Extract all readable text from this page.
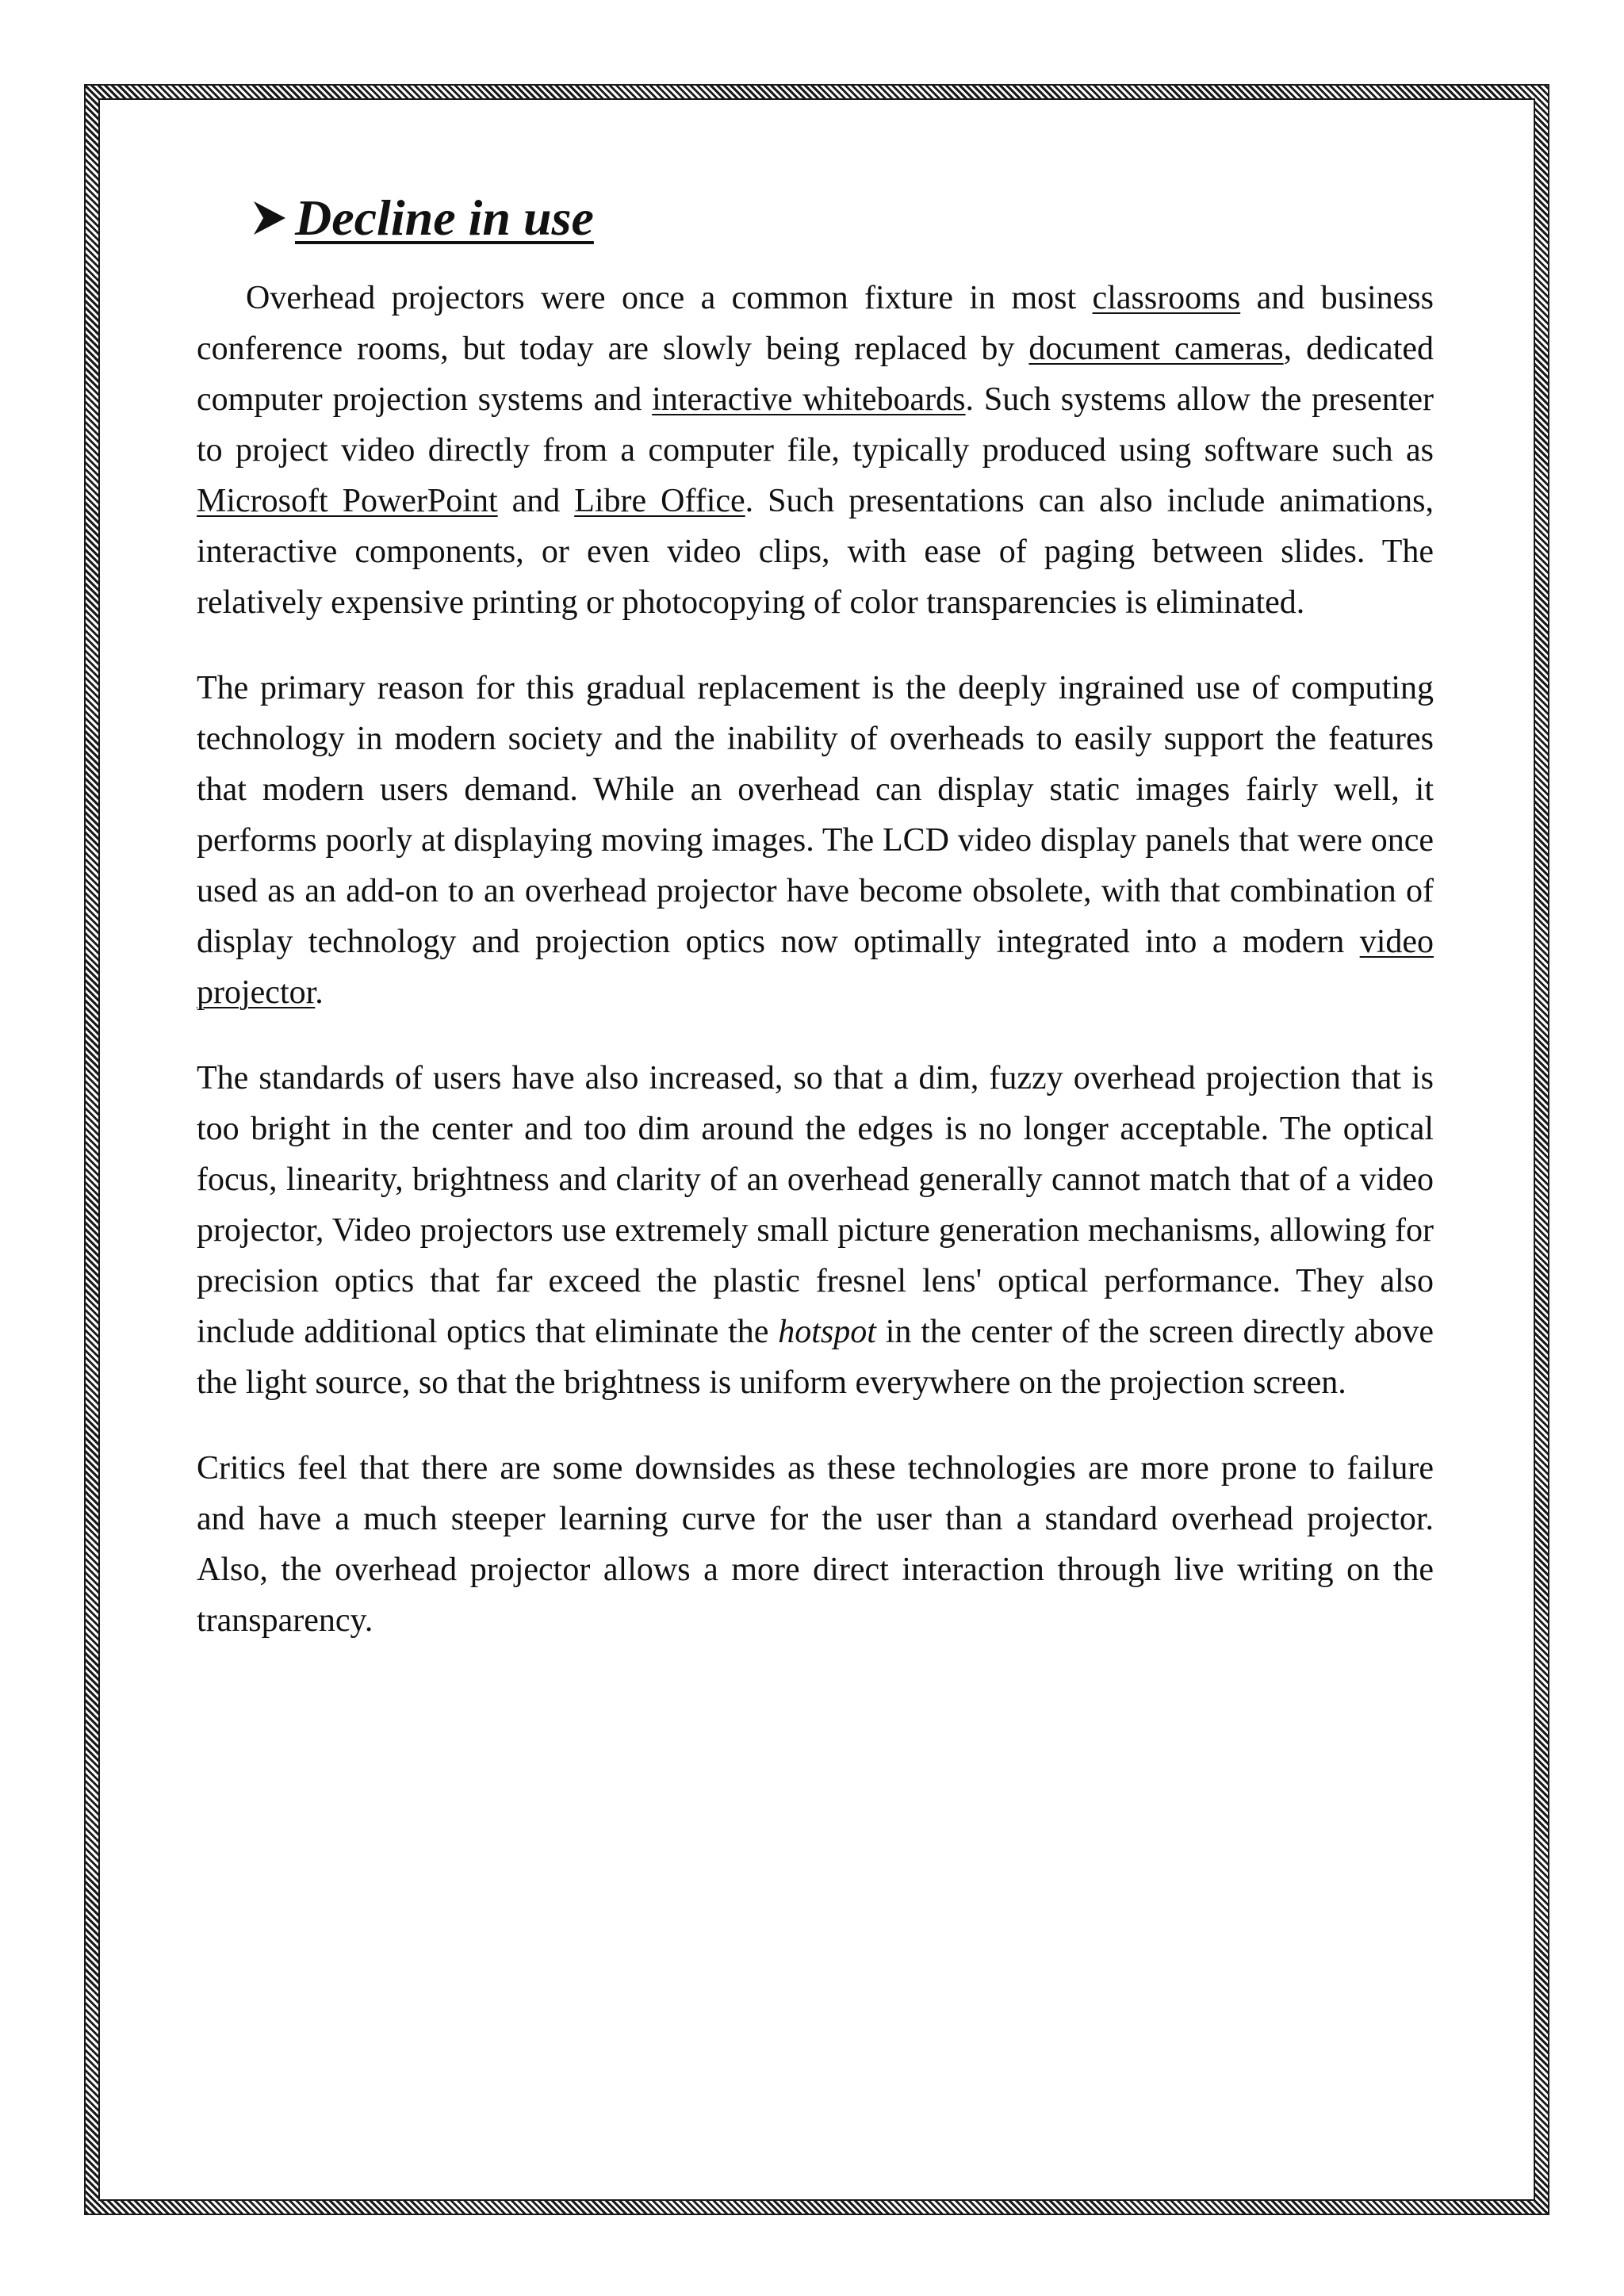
Decline in use

Overhead projectors were once a common fixture in most classrooms and business conference rooms, but today are slowly being replaced by document cameras, dedicated computer projection systems and interactive whiteboards. Such systems allow the presenter to project video directly from a computer file, typically produced using software such as Microsoft PowerPoint and Libre Office. Such presentations can also include animations, interactive components, or even video clips, with ease of paging between slides. The relatively expensive printing or photocopying of color transparencies is eliminated.

The primary reason for this gradual replacement is the deeply ingrained use of computing technology in modern society and the inability of overheads to easily support the features that modern users demand. While an overhead can display static images fairly well, it performs poorly at displaying moving images. The LCD video display panels that were once used as an add-on to an overhead projector have become obsolete, with that combination of display technology and projection optics now optimally integrated into a modern video projector.

The standards of users have also increased, so that a dim, fuzzy overhead projection that is too bright in the center and too dim around the edges is no longer acceptable. The optical focus, linearity, brightness and clarity of an overhead generally cannot match that of a video projector, Video projectors use extremely small picture generation mechanisms, allowing for precision optics that far exceed the plastic fresnel lens' optical performance. They also include additional optics that eliminate the hotspot in the center of the screen directly above the light source, so that the brightness is uniform everywhere on the projection screen.

Critics feel that there are some downsides as these technologies are more prone to failure and have a much steeper learning curve for the user than a standard overhead projector. Also, the overhead projector allows a more direct interaction through live writing on the transparency.
